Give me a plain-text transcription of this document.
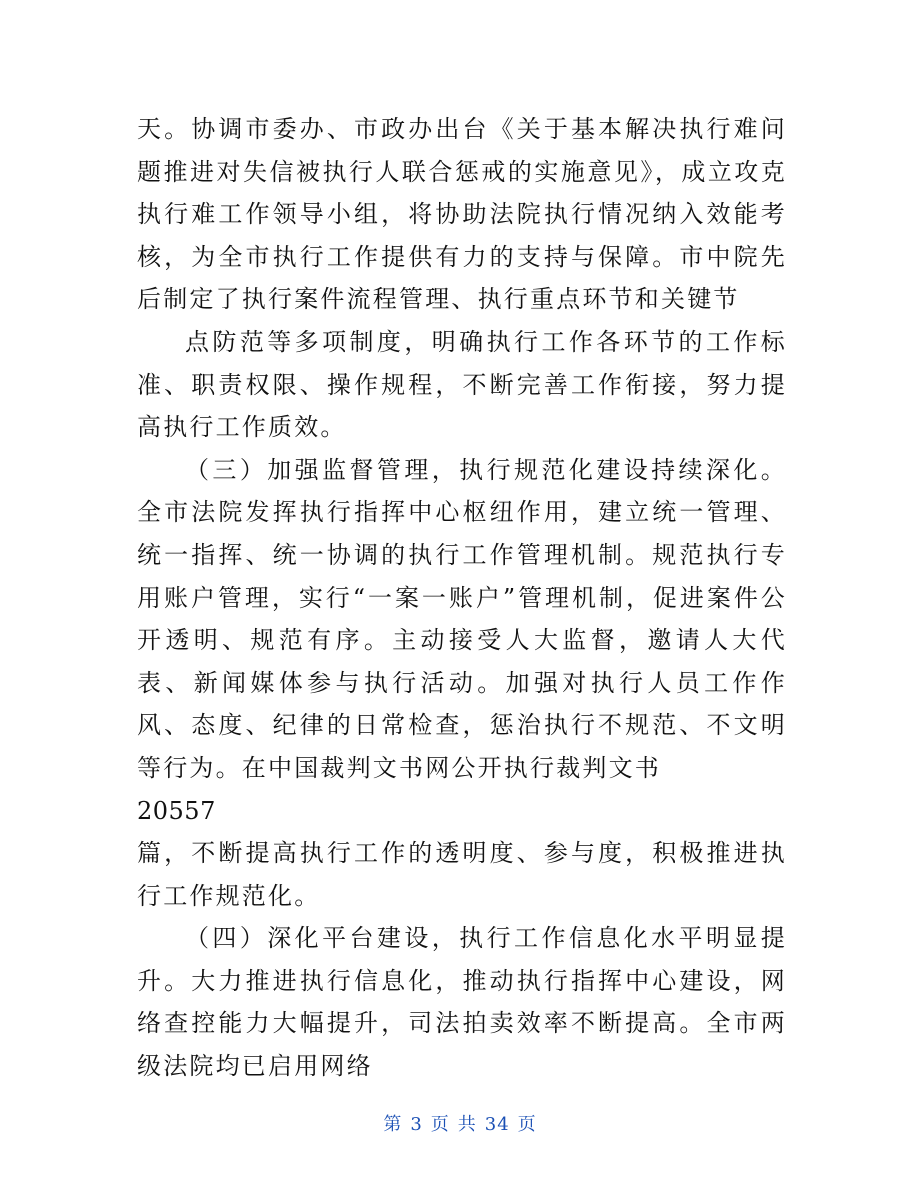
天。协调市委办、市政办出台《关于基本解决执行难问题推进对失信被执行人联合惩戒的实施意见》，成立攻克执行难工作领导小组，将协助法院执行情况纳入效能考核，为全市执行工作提供有力的支持与保障。市中院先后制定了执行案件流程管理、执行重点环节和关键节

点防范等多项制度，明确执行工作各环节的工作标准、职责权限、操作规程，不断完善工作衔接，努力提高执行工作质效。

（三）加强监督管理，执行规范化建设持续深化。全市法院发挥执行指挥中心枢纽作用，建立统一管理、统一指挥、统一协调的执行工作管理机制。规范执行专用账户管理，实行“一案一账户”管理机制，促进案件公开透明、规范有序。主动接受人大监督，邀请人大代表、新闻媒体参与执行活动。加强对执行人员工作作风、态度、纪律的日常检查，惩治执行不规范、不文明等行为。在中国裁判文书网公开执行裁判文书

20557

篇，不断提高执行工作的透明度、参与度，积极推进执行工作规范化。

（四）深化平台建设，执行工作信息化水平明显提升。大力推进执行信息化，推动执行指挥中心建设，网络查控能力大幅提升，司法拍卖效率不断提高。全市两级法院均已启用网络

第 3 页 共 34 页
